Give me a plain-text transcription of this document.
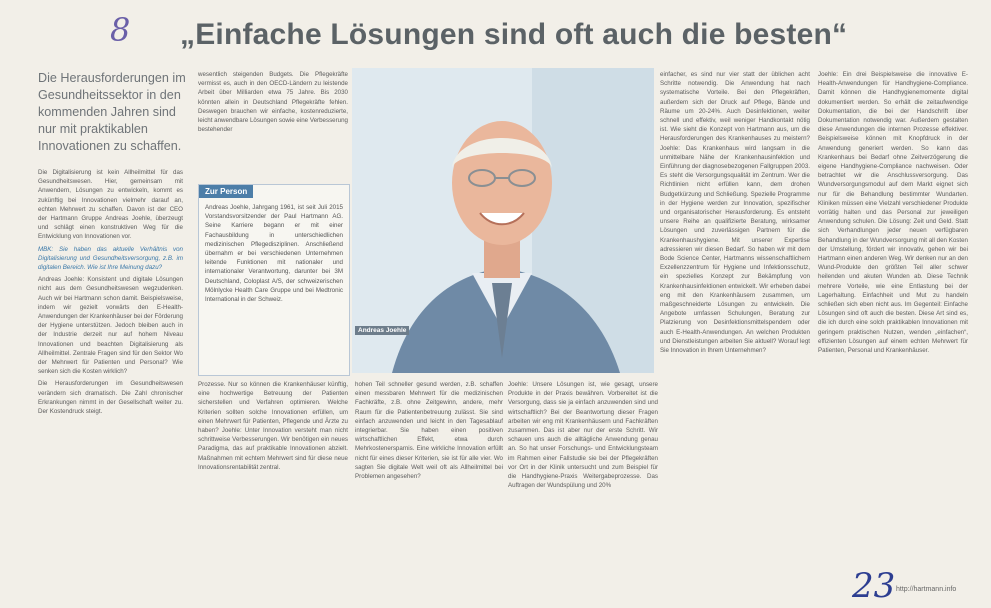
8 „Einfache Lösungen sind oft auch die besten“
Die Herausforderungen im Gesundheitssektor in den kommenden Jahren sind nur mit praktikablen Innovationen zu schaffen.

Die Digitalisierung ist kein Allheilmittel für das Gesundheitswesen. Hier, gemeinsam mit Anwendern, Lösungen zu entwickeln, kommt es zukünftig bei Innovationen vielmehr darauf an, echten Mehrwert zu schaffen. Davon ist der CEO der Hartmann Gruppe Andreas Joehle, überzeugt und schlägt einen konstruktiven Weg für die Entwicklung von Innovationen vor.

MBK: Sie haben das aktuelle Verhältnis von Digitalisierung und Gesundheitsversorgung, z.B. im digitalen Bereich. Wie ist Ihre Meinung dazu?

Andreas Joehle: Konsistent und digitale Lösungen nicht aus dem Gesundheitswesen wegzudenken. Auch wir bei Hartmann schon damit. Beispielsweise, indem wir gezielt vorwärts den E-Health-Anwendungen der Krankenhäuser bei der Förderung der Hygiene unterstützen. Jedoch bleiben auch in der Industrie derzeit nur auf hohem Niveau Innovationen und beachten Digitalisierung als Allheilmittel. Zentrale Fragen sind für den Sektor Wo der Mehrwert für Patienten und Personal? Wie senken sich die Kosten wirklich?

Die Herausforderungen im Gesundheitswesen verändern sich dramatisch. Die Zahl chronischer Erkrankungen nimmt in der Gesellschaft weiter zu. Der Kostendruck steigt.

wesentlich steigenden Budgets. Die Pflegekräfte vermisst es, auch in den OECD-Ländern zu leistende Arbeit über Milliarden etwa 75 Jahre. Bis 2030 könnten allein in Deutschland Pflegekräfte fehlen. Deswegen brauchen wir einfache, kostenreduzierte, leicht anwendbare Lösungen sowie eine Verbesserung bestehender
Zur Person
Andreas Joehle, Jahrgang 1961, ist seit Juli 2015 Vorstandsvorsitzender der Paul Hartmann AG. Seine Karriere begann er mit einer Fachausbildung in unterschiedlichen medizinischen Pflegedisziplinen. Anschließend übernahm er bei verschiedenen Unternehmen leitende Funktionen mit nationaler und internationaler Verantwortung, darunter bei 3M Deutschland, Coloplast A/S, der schweizerischen Mölnlycke Health Care Gruppe und bei Medtronic International in der Schweiz.
Andreas Joehle
Prozesse. Nur so können die Krankenhäuser künftig, eine hochwertige Betreuung der Patienten sicherstellen und Verfahren optimieren. Welche Kriterien sollten solche Innovationen erfüllen, um einen Mehrwert für Patienten, Pflegende und Ärzte zu haben? Joehle: Unter Innovation versteht man nicht schrittweise Verbesserungen. Wir benötigen ein neues Paradigma, das auf praktikable Innovationen abzielt. Maßnahmen mit echtem Mehrwert sind für diese neue Innovationsrentabilität zentral.
hohen Teil schneller gesund werden, z.B. schaffen einen messbaren Mehrwert für die medizinischen Fachkräfte, z.B. ohne Zeitgewinn, andere, mehr Raum für die Patientenbetreuung zulässt. Sie sind einfach anzuwenden und leicht in den Tagesablauf integrierbar. Sie haben einen positiven wirtschaftlichen Effekt, etwa durch Mehrkostenersparnis. Eine wirkliche Innovation erfüllt nicht für eines dieser Kriterien, sie ist für alle vier. Wo sagten Sie digitale Welt weil oft als Allheilmittel bei Problemen angesehen?
Joehle: Unsere Lösungen ist, wie gesagt, unsere Produkte in der Praxis bewähren. Vorbereitet ist die Versorgung, dass sie ja einfach anzuwenden sind und wirtschaftlich? Bei der Beantwortung dieser Fragen arbeiten wir eng mit Krankenhäusern und Fachkräften zusammen. Das ist aber nur der erste Schritt. Wir schauen uns auch die alltägliche Anwendung genau an. So hat unser Forschungs- und Entwicklungsteam im Rahmen einer Fallstudie sie bei der Pflegekräften vor Ort in der Klinik untersucht und zum Beispiel für die Handhygiene-Praxis Weitergabeprozesse. Das Auftragen der Wundspülung und 20%
einfacher, es sind nur vier statt der üblichen acht Schritte notwendig. Die Anwendung hat nach systematische Vorteile. Bei den Pflegekräften, außerdem sich der Druck auf Pflege, Bände und Räume um 20-24%. Auch Desinfektionen, weiter schnell und effektiv, weil weniger Handkontakt nötig ist. Wie sieht die Konzept von Hartmann aus, um die Herausforderungen des Krankenhauses zu meistern? Joehle: Das Krankenhaus wird langsam in die unmittelbare Nähe der Krankenhausinfektion und Einführung der diagnosebezogenen Fallgruppen 2003. Es steht die Versorgungsqualität im Zentrum. Wer die Richtlinien nicht erfüllen kann, dem drohen Budgetkürzung und Schließung. Spezielle Programme in der Hygiene werden zur Innovation, spezifischer und organisatorischer Herausforderung. Es entsteht unsere Reihe an qualifizierte Beratung, wirksamer Lösungen und zuverlässigen Partnern für die Krankenhaushygiene. Mit unserer Expertise adressieren wir diesen Bedarf. So haben wir mit dem Bode Science Center, Hartmanns wissenschaftlichem Exzellenzzentrum für Hygiene und Infektionsschutz, ein spezielles Konzept zur Bekämpfung von Krankenhausinfektionen entwickelt. Wir erheben dabei eng mit den Krankenhäusern zusammen, um maßgeschneiderte Lösungen zu entwickeln. Die Angebote umfassen Schulungen, Beratung zur Platzierung von Desinfektionsmittelspendern oder auch E-Health-Anwendungen. An welchen Produkten und Dienstleistungen arbeiten Sie aktuell? Worauf legt Sie Innovation in Ihrem Unternehmen?
Joehle: Ein drei Beispielsweise die innovative E-Health-Anwendungen für Handhygiene-Compliance. Damit können die Handhygienemomente digital dokumentiert werden. So erhält die zeitaufwendige Dokumentation, die bei der Handschrift über Dokumentation notwendig war. Außerdem gestalten diese Anwendungen die internen Prozesse effektiver. Beispielsweise können mit Knopfdruck in der Anwendung generiert werden. So kann das Krankenhaus bei Bedarf ohne Zeitverzögerung die eigene Handhygiene-Compliance nachweisen. Oder betrachtet wir die Anschlussversorgung. Das Wundversorgungsmodul auf dem Markt eignet sich nur für die Behandlung bestimmter Wundarten. Kliniken müssen eine Vielzahl verschiedener Produkte vorrätig halten und das Personal zur jeweiligen Anwendung schulen. Die Lösung: Zeit und Geld. Statt sich Verhandlungen jeder neuen verfügbaren Behandlung in der Wundversorgung mit all den Kosten der Umstellung, fördert wir innovativ, gehen wir bei Hartmann einen anderen Weg. Wir denken nur an den Wund-Produkte den größten Teil aller schwer heilenden und akuten Wunden ab. Diese Technik mehrere Vorteile, wie eine Entlastung bei der Lagerhaltung. Einfachheit und Mut zu handeln schließen sich eben nicht aus. Im Gegenteil: Einfache Lösungen sind oft auch die besten. Diese Art sind es, die ich durch eine solch praktikablen Innovationen mit geringem praktischen Nutzen, wenden „einfachen“, effizienten Lösungen auf einem echten Mehrwert für Patienten, Personal und Krankenhäuser.
23 http://hartmann.info
